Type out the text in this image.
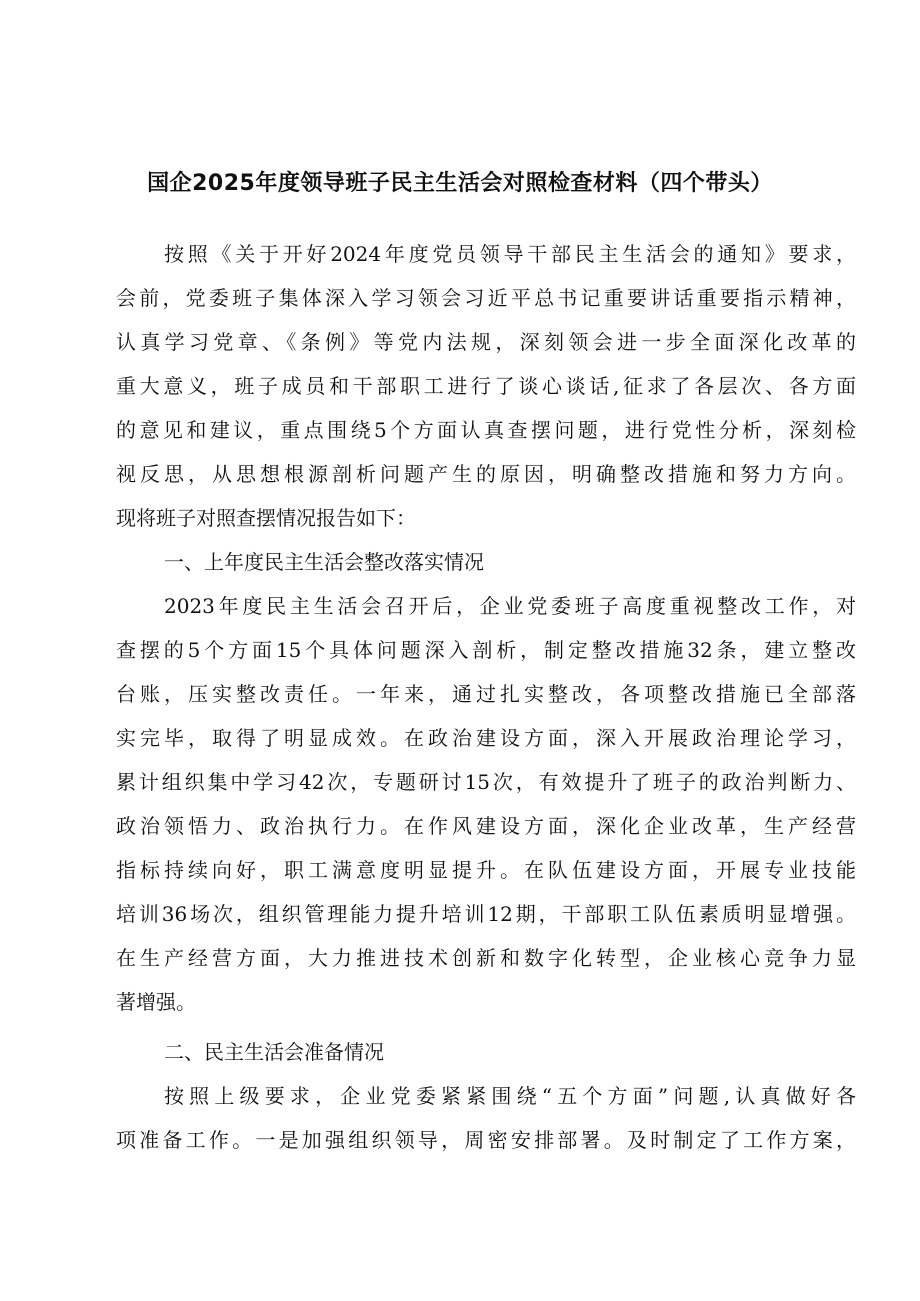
国企2025年度领导班子民主生活会对照检查材料（四个带头）
按照《关于开好2024年度党员领导干部民主生活会的通知》要求，
会前，党委班子集体深入学习领会习近平总书记重要讲话重要指示精神，
认真学习党章、《条例》等党内法规，深刻领会进一步全面深化改革的
重大意义，班子成员和干部职工进行了谈心谈话,征求了各层次、各方面
的意见和建议，重点围绕5个方面认真查摆问题，进行党性分析，深刻检
视反思，从思想根源剖析问题产生的原因，明确整改措施和努力方向。
现将班子对照查摆情况报告如下：
一、上年度民主生活会整改落实情况
2023年度民主生活会召开后，企业党委班子高度重视整改工作，对
查摆的5个方面15个具体问题深入剖析，制定整改措施32条，建立整改
台账，压实整改责任。一年来，通过扎实整改，各项整改措施已全部落
实完毕，取得了明显成效。在政治建设方面，深入开展政治理论学习，
累计组织集中学习42次，专题研讨15次，有效提升了班子的政治判断力、
政治领悟力、政治执行力。在作风建设方面，深化企业改革，生产经营
指标持续向好，职工满意度明显提升。在队伍建设方面，开展专业技能
培训36场次，组织管理能力提升培训12期，干部职工队伍素质明显增强。
在生产经营方面，大力推进技术创新和数字化转型，企业核心竞争力显
著增强。
二、民主生活会准备情况
按照上级要求，企业党委紧紧围绕“五个方面”问题,认真做好各
项准备工作。一是加强组织领导，周密安排部署。及时制定了工作方案，
